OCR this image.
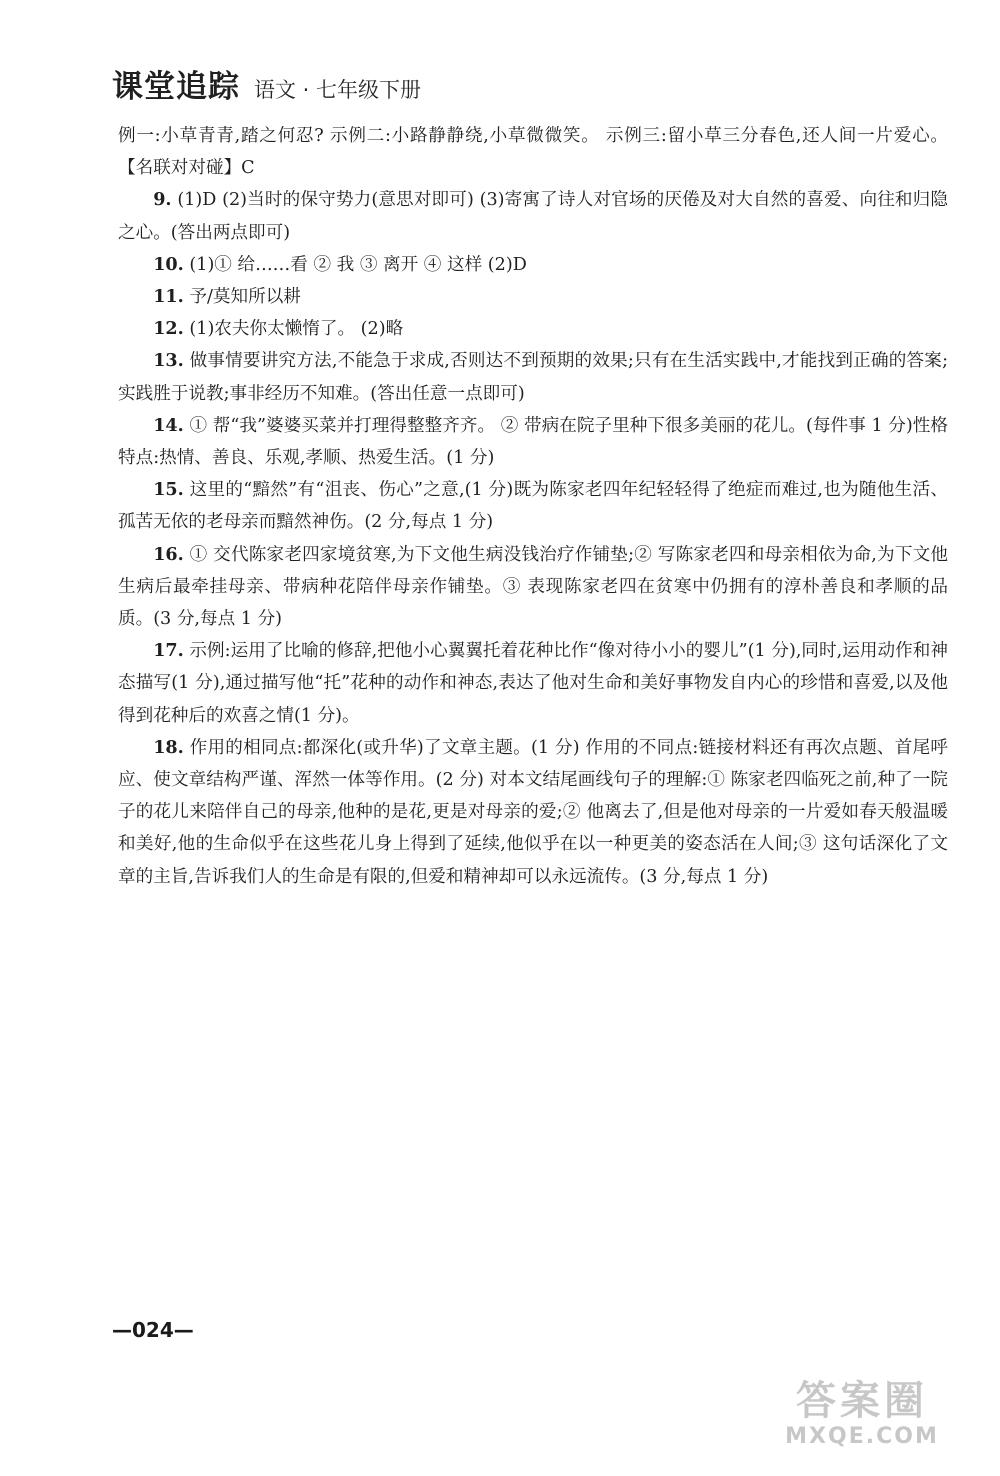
课堂追踪 语文 · 七年级下册

例一:小草青青,踏之何忍? 示例二:小路静静绕,小草微微笑。 示例三:留小草三分春色,还人间一片爱心。 【名联对对碰】C

9. (1)D (2)当时的保守势力(意思对即可) (3)寄寓了诗人对官场的厌倦及对大自然的喜爱、向往和归隐之心。(答出两点即可)

10. (1)① 给……看 ② 我 ③ 离开 ④ 这样 (2)D

11. 予/莫知所以耕

12. (1)农夫你太懒惰了。 (2)略

13. 做事情要讲究方法,不能急于求成,否则达不到预期的效果;只有在生活实践中,才能找到正确的答案;实践胜于说教;事非经历不知难。(答出任意一点即可)

14. ① 帮“我”婆婆买菜并打理得整整齐齐。 ② 带病在院子里种下很多美丽的花儿。(每件事 1 分)性格特点:热情、善良、乐观,孝顺、热爱生活。(1 分)

15. 这里的“黯然”有“沮丧、伤心”之意,(1 分)既为陈家老四年纪轻轻得了绝症而难过,也为随他生活、孤苦无依的老母亲而黯然神伤。(2 分,每点 1 分)

16. ① 交代陈家老四家境贫寒,为下文他生病没钱治疗作铺垫;② 写陈家老四和母亲相依为命,为下文他生病后最牵挂母亲、带病种花陪伴母亲作铺垫。③ 表现陈家老四在贫寒中仍拥有的淳朴善良和孝顺的品质。(3 分,每点 1 分)

17. 示例:运用了比喻的修辞,把他小心翼翼托着花种比作“像对待小小的婴儿”(1 分),同时,运用动作和神态描写(1 分),通过描写他“托”花种的动作和神态,表达了他对生命和美好事物发自内心的珍惜和喜爱,以及他得到花种后的欢喜之情(1 分)。

18. 作用的相同点:都深化(或升华)了文章主题。(1 分) 作用的不同点:链接材料还有再次点题、首尾呼应、使文章结构严谨、浑然一体等作用。(2 分) 对本文结尾画线句子的理解:① 陈家老四临死之前,种了一院子的花儿来陪伴自己的母亲,他种的是花,更是对母亲的爱;② 他离去了,但是他对母亲的一片爱如春天般温暖和美好,他的生命似乎在这些花儿身上得到了延续,他似乎在以一种更美的姿态活在人间;③ 这句话深化了文章的主旨,告诉我们人的生命是有限的,但爱和精神却可以永远流传。(3 分,每点 1 分)

—024—
答案圈
MXQE.COM
